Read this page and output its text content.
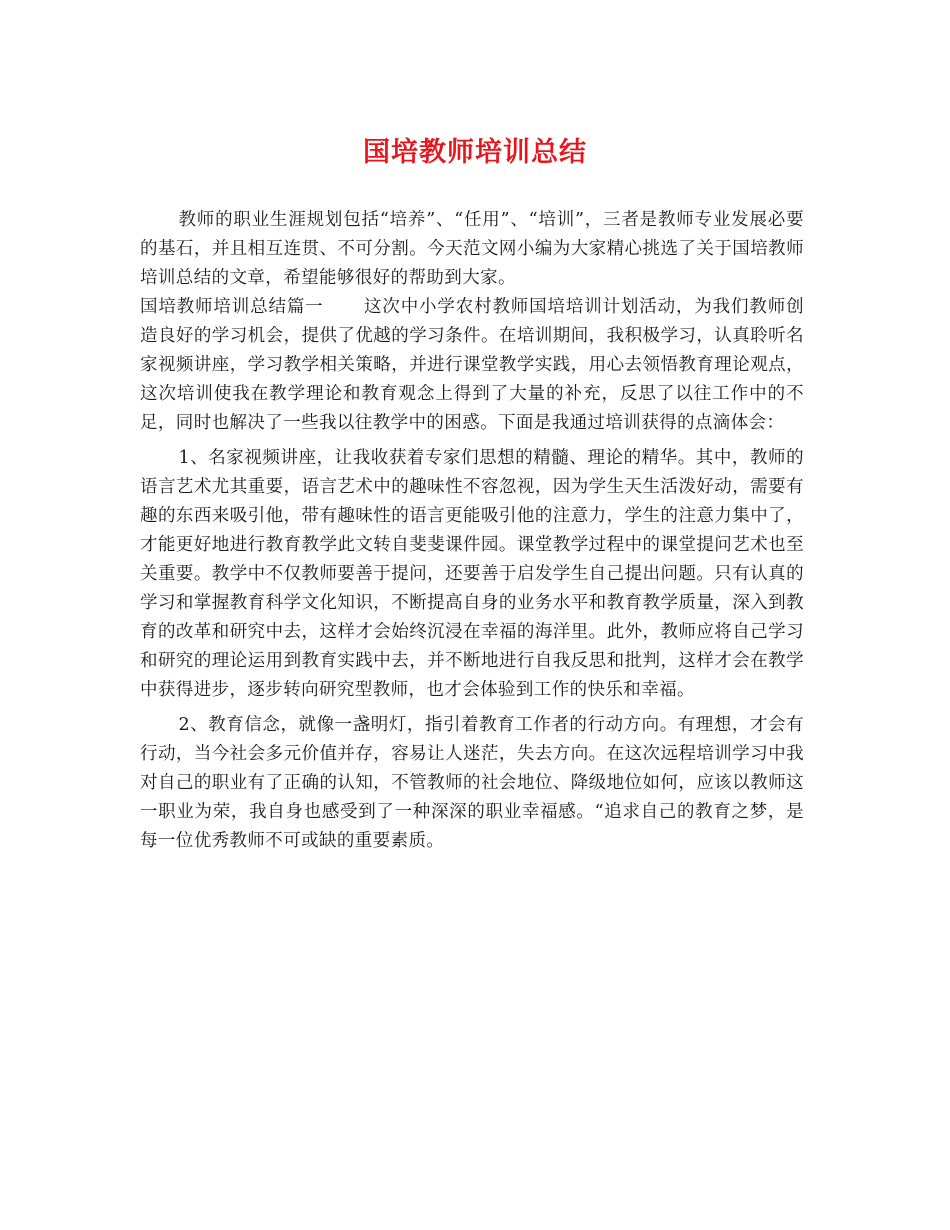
国培教师培训总结

教师的职业生涯规划包括“培养”、“任用”、“培训”，三者是教师专业发展必要的基石，并且相互连贯、不可分割。今天范文网小编为大家精心挑选了关于国培教师培训总结的文章，希望能够很好的帮助到大家。

国培教师培训总结篇一 这次中小学农村教师国培培训计划活动，为我们教师创造良好的学习机会，提供了优越的学习条件。在培训期间，我积极学习，认真聆听名家视频讲座，学习教学相关策略，并进行课堂教学实践，用心去领悟教育理论观点，这次培训使我在教学理论和教育观念上得到了大量的补充，反思了以往工作中的不足，同时也解决了一些我以往教学中的困惑。下面是我通过培训获得的点滴体会：

1、名家视频讲座，让我收获着专家们思想的精髓、理论的精华。其中，教师的语言艺术尤其重要，语言艺术中的趣味性不容忽视，因为学生天生活泼好动，需要有趣的东西来吸引他，带有趣味性的语言更能吸引他的注意力，学生的注意力集中了，才能更好地进行教育教学此文转自斐斐课件园。课堂教学过程中的课堂提问艺术也至关重要。教学中不仅教师要善于提问，还要善于启发学生自己提出问题。只有认真的学习和掌握教育科学文化知识，不断提高自身的业务水平和教育教学质量，深入到教育的改革和研究中去，这样才会始终沉浸在幸福的海洋里。此外，教师应将自己学习和研究的理论运用到教育实践中去，并不断地进行自我反思和批判，这样才会在教学中获得进步，逐步转向研究型教师，也才会体验到工作的快乐和幸福。

2、教育信念，就像一盏明灯，指引着教育工作者的行动方向。有理想，才会有行动，当今社会多元价值并存，容易让人迷茫，失去方向。在这次远程培训学习中我对自己的职业有了正确的认知，不管教师的社会地位、降级地位如何，应该以教师这一职业为荣，我自身也感受到了一种深深的职业幸福感。“追求自己的教育之梦，是每一位优秀教师不可或缺的重要素质。
